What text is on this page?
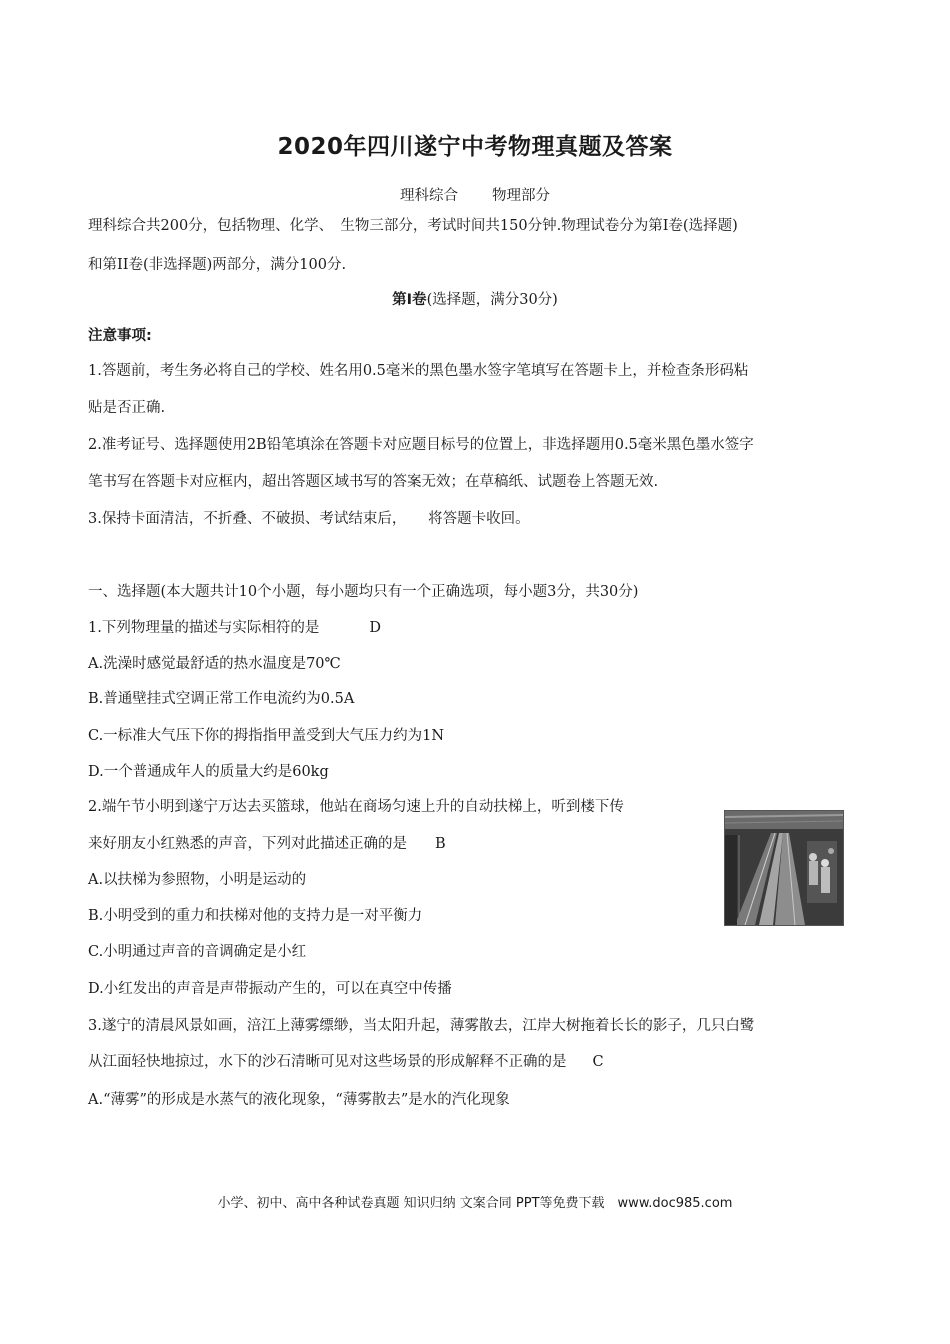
2020年四川遂宁中考物理真题及答案
理科综合 物理部分
理科综合共200分，包括物理、化学、　生物三部分，考试时间共150分钟.物理试卷分为第I卷(选择题)
和第II卷(非选择题)两部分，满分100分.
第I卷(选择题，满分30分)
注意事项:
1.答题前，考生务必将自己的学校、姓名用0.5毫米的黑色墨水签字笔填写在答题卡上，并检查条形码粘
贴是否正确.
2.准考证号、选择题使用2B铅笔填涂在答题卡对应题目标号的位置上，非选择题用0.5毫米黑色墨水签字
笔书写在答题卡对应框内，超出答题区域书写的答案无效；在草稿纸、试题卷上答题无效.
3.保持卡面清洁，不折叠、不破损、考试结束后，　　将答题卡收回。
一、选择题(本大题共计10个小题，每小题均只有一个正确选项，每小题3分，共30分)
1.下列物理量的描述与实际相符的是	D
A.洗澡时感觉最舒适的热水温度是70℃
B.普通壁挂式空调正常工作电流约为0.5A
C.一标准大气压下你的拇指指甲盖受到大气压力约为1N
D.一个普通成年人的质量大约是60kg
2.端午节小明到遂宁万达去买篮球，他站在商场匀速上升的自动扶梯上，听到楼下传
来好朋友小红熟悉的声音，下列对此描述正确的是 B
A.以扶梯为参照物，小明是运动的
B.小明受到的重力和扶梯对他的支持力是一对平衡力
C.小明通过声音的音调确定是小红
D.小红发出的声音是声带振动产生的，可以在真空中传播
3.遂宁的清晨风景如画，涪江上薄雾缥缈，当太阳升起，薄雾散去，江岸大树拖着长长的影子，几只白鹭
从江面轻快地掠过，水下的沙石清晰可见对这些场景的形成解释不正确的是 C
A.“薄雾”的形成是水蒸气的液化现象，“薄雾散去”是水的汽化现象
小学、初中、高中各种试卷真题 知识归纳 文案合同 PPT等免费下载　www.doc985.com
